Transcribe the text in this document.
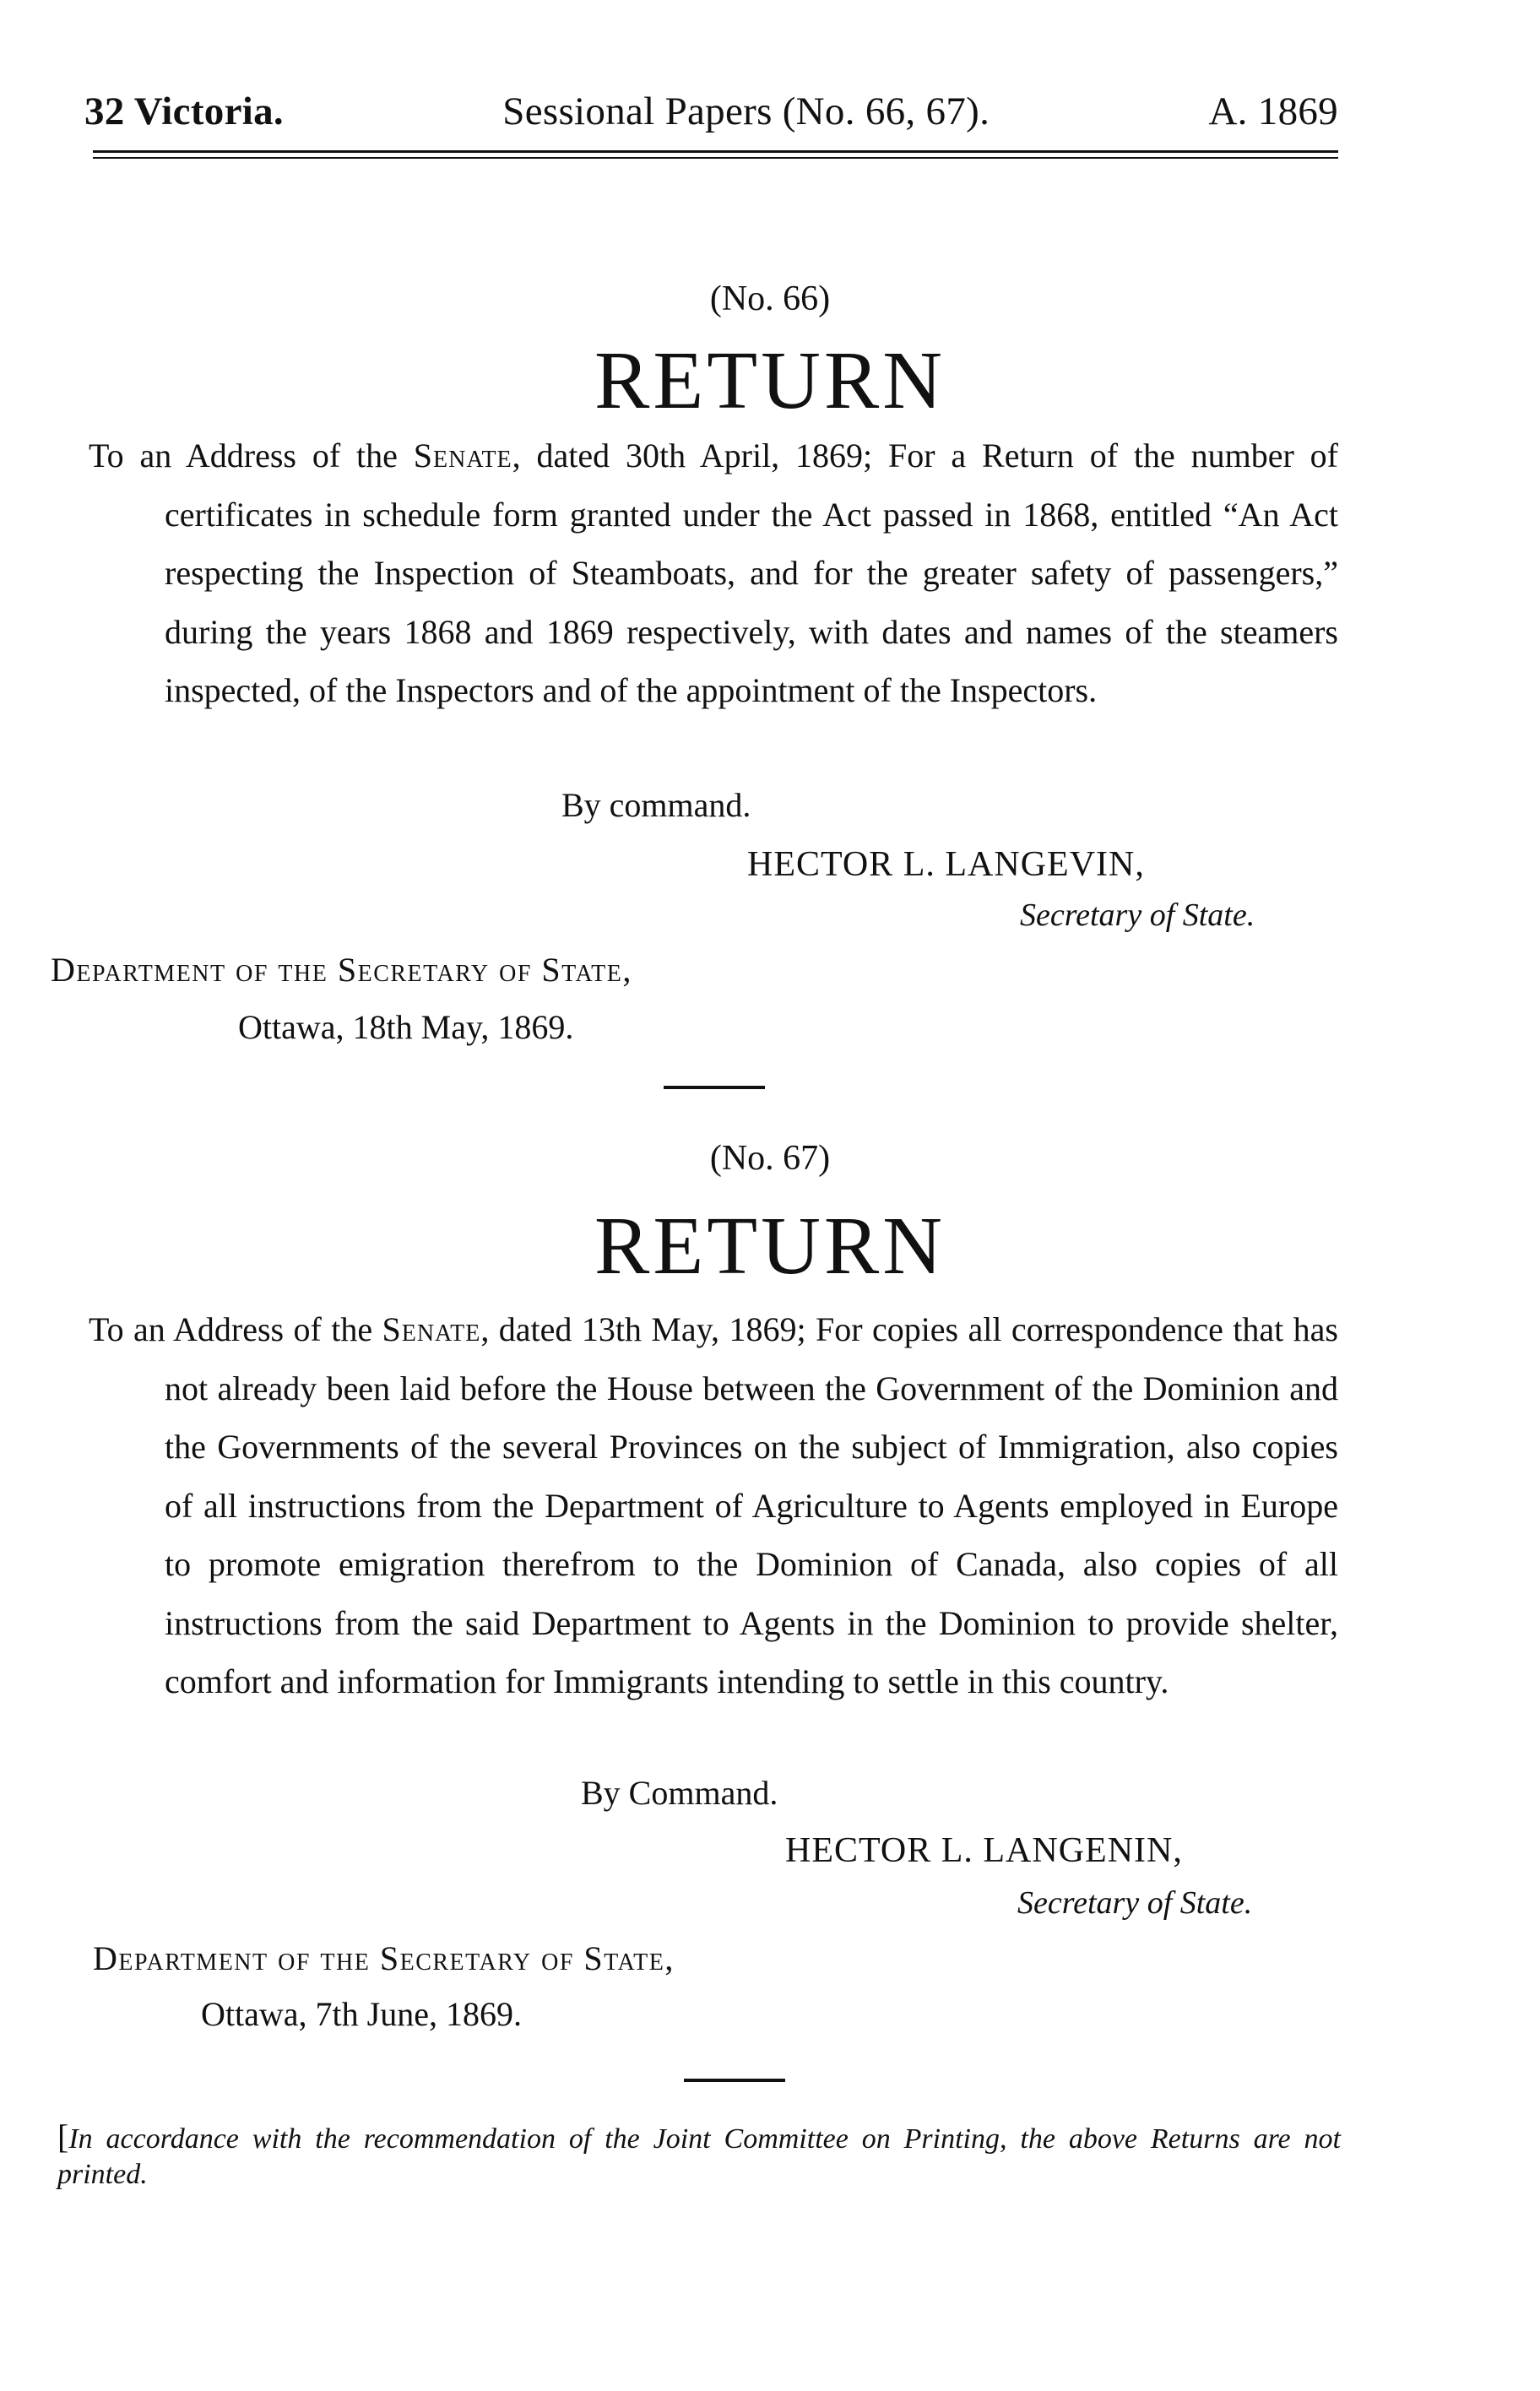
32 Victoria.	Sessional Papers (No. 66, 67).	A. 1869
(No. 66)
RETURN
To an Address of the Senate, dated 30th April, 1869; For a Return of the number of certificates in schedule form granted under the Act passed in 1868, entitled “An Act respecting the Inspection of Steamboats, and for the greater safety of passengers,” during the years 1868 and 1869 respectively, with dates and names of the steamers inspected, of the Inspectors and of the appointment of the Inspectors.
By command.
HECTOR L. LANGEVIN,
Secretary of State.
Department of the Secretary of State,
Ottawa, 18th May, 1869.
(No. 67)
RETURN
To an Address of the Senate, dated 13th May, 1869; For copies all correspondence that has not already been laid before the House between the Government of the Dominion and the Governments of the several Provinces on the subject of Immigration, also copies of all instructions from the Department of Agriculture to Agents employed in Europe to promote emigration therefrom to the Dominion of Canada, also copies of all instructions from the said Department to Agents in the Dominion to provide shelter, comfort and information for Immigrants intending to settle in this country.
By Command.
HECTOR L. LANGENIN,
Secretary of State.
Department of the Secretary of State,
Ottawa, 7th June, 1869.
[In accordance with the recommendation of the Joint Committee on Printing, the above Returns are not printed.
